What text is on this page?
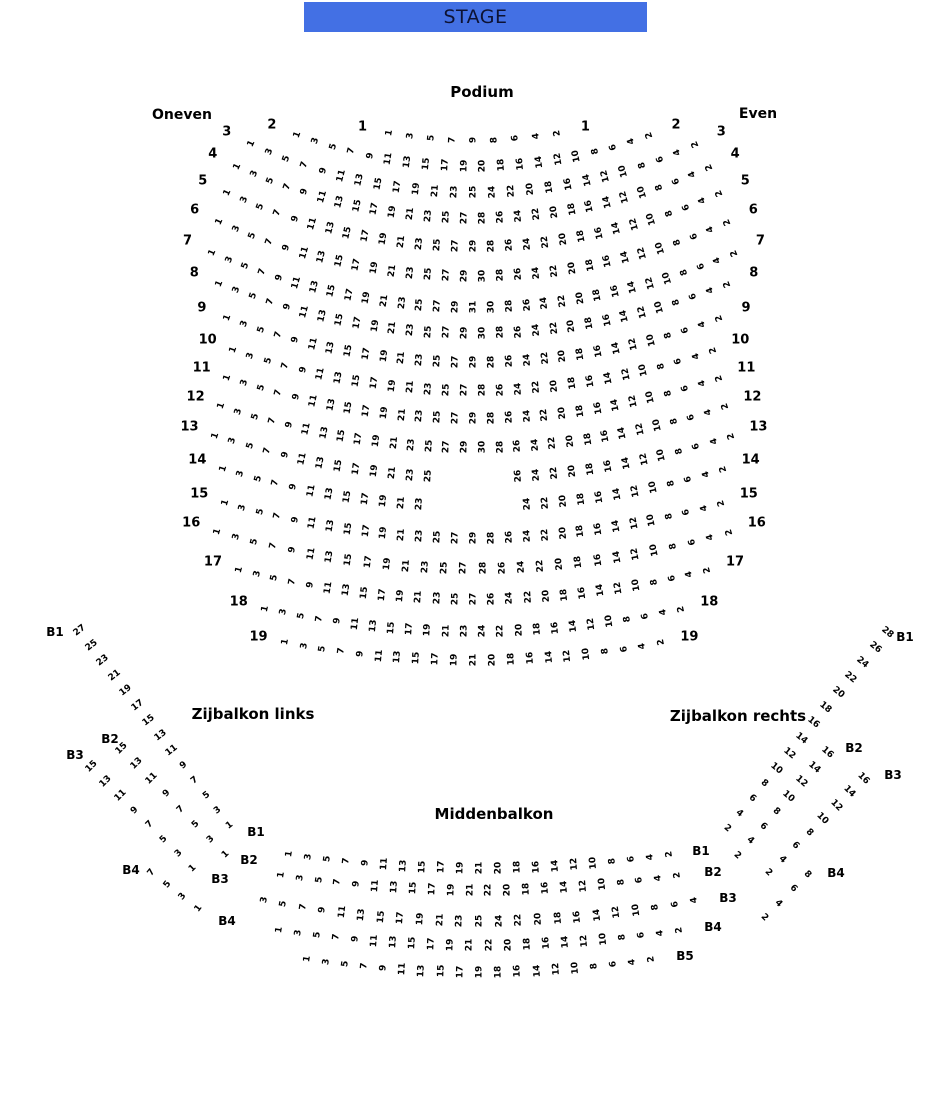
STAGE
Podium
Oneven	Even
Zijbalkon links	Zijbalkon rechts
Middenbalkon
1 3 5 7 9 8 6 4 2
1	1
1
3
5
7 9 11 13 15 17 19 20 18 16 14 12 10 8
6
4
2
2	2
1
3
5
7
9 11 13 15 17 19 21 23 25 24 22 20 18 16 14 12 10 8
6
4
2
3	3
1
3
5
7
9 11 13 15 17 19 21 23 25 27 28 26 24 22 20 18 16 14 12 10 8
6
4
2
4	4
1
3
5
7
9 11 13 15 17 19 21 23 25 27 29 28 26 24 22 20 18 16 14 12 10 8
6
4
2
5	5
1
3
5
7
9 11 13 15 17 19 21 23 25 27 29 30 28 26 24 22 20 18 16 14 12 10 8
6
4
2
6	6
1
3
5
7
9 11 13 15 17 19 21 23 25 27 29 31 30 28 26 24 22 20 18 16 14 12 10 8
6
4
2
7	7
1
3
5
7
9 11 13 15 17 19 21 23 25 27 29 30 28 26 24 22 20 18 16 14 12 10 8
6
4
2
8	8
1
3
5
7
9 11 13 15 17 19 21 23 25 27 29 28 26 24 22 20 18 16 14 12 10 8
6
4
2
9	9
1
3
5
7
9 11 13 15 17 19 21 23 25 27 28 26 24 22 20 18 16 14 12 10 8
6
4
2
10	10
1
3
5
7
9 11 13 15 17 19 21 23 25 27 29 28 26 24 22 20 18 16 14 12 10 8
6
4
2
11	11
1
3
5
7
9 11 13 15 17 19 21 23 25 27 29 30 28 26 24 22 20 18 16 14 12 10 8
6
4
2
12	12
1
3
5
7
9 11 13 15 17 19 21 23 25	26 24 22 20 18 16 14 12 10 8
6
4
2
13	13
1
3
5
7 9 11 13 15 17 19 21 23	24 22 20 18 16 14 12 10 8
6
4
2
14	14
1
3
5 7 9 11 13 15 17 19 21 23 25 27 29 28 26 24 22 20 18 16 14 12 10 8 6
4
2
15	15
1
3
5
7 9 11 13 15 17 19 21 23 25 27 28 26 24 22 20 18 16 14 12 10 8
6
4
2
16	16
1
3 5 7 9 11 13 15 17 19 21 23 25 27 26 24 22 20 18 16 14 12 10 8 6 4
2
17	17
1 3 5 7 9 11 13 15 17 19 21 23 24 22 20 18 16 14 12 10 8 6 4 2
18	18
1 3 5 7 9 11 13 15 17 19 21 20 18 16 14 12 10 8 6 4 2
19	19
27
25
23
21
19
17
15
13
11
9
7
5
3
1
B1
15
13
11
9
7
5
3
1
B2
15
13
11
9
7
5
3
1
B3
7
5
3
1
B4
28
26
24
22
20
18
16
14
12
10
8
6
4
2
B1
16
14
12
10
8
6
4
2
B2
16
14
12
10
8
6
4
2
B3
8
6
4
2
B4
1 3 5 7 9 11 13 15 17 19 21 20 18 16 14 12 10 8 6 4 2
1 3 5 7 9 11 13 15 17 19 21 22 20 18 16 14 12 10 8 6 4 2
3 5 7 9 11 13 15 17 19 21 23 25 24 22 20 18 16 14 12 10 8 6 4
1 3 5 7 9 11 13 15 17 19 21 22 20 18 16 14 12 10 8 6 4 2
1 3 5 7 9 11 13 15 17 19 18 16 14 12 10 8 6 4 2
B1
B2
B3
B4
B1
B2
B3
B4
B5
